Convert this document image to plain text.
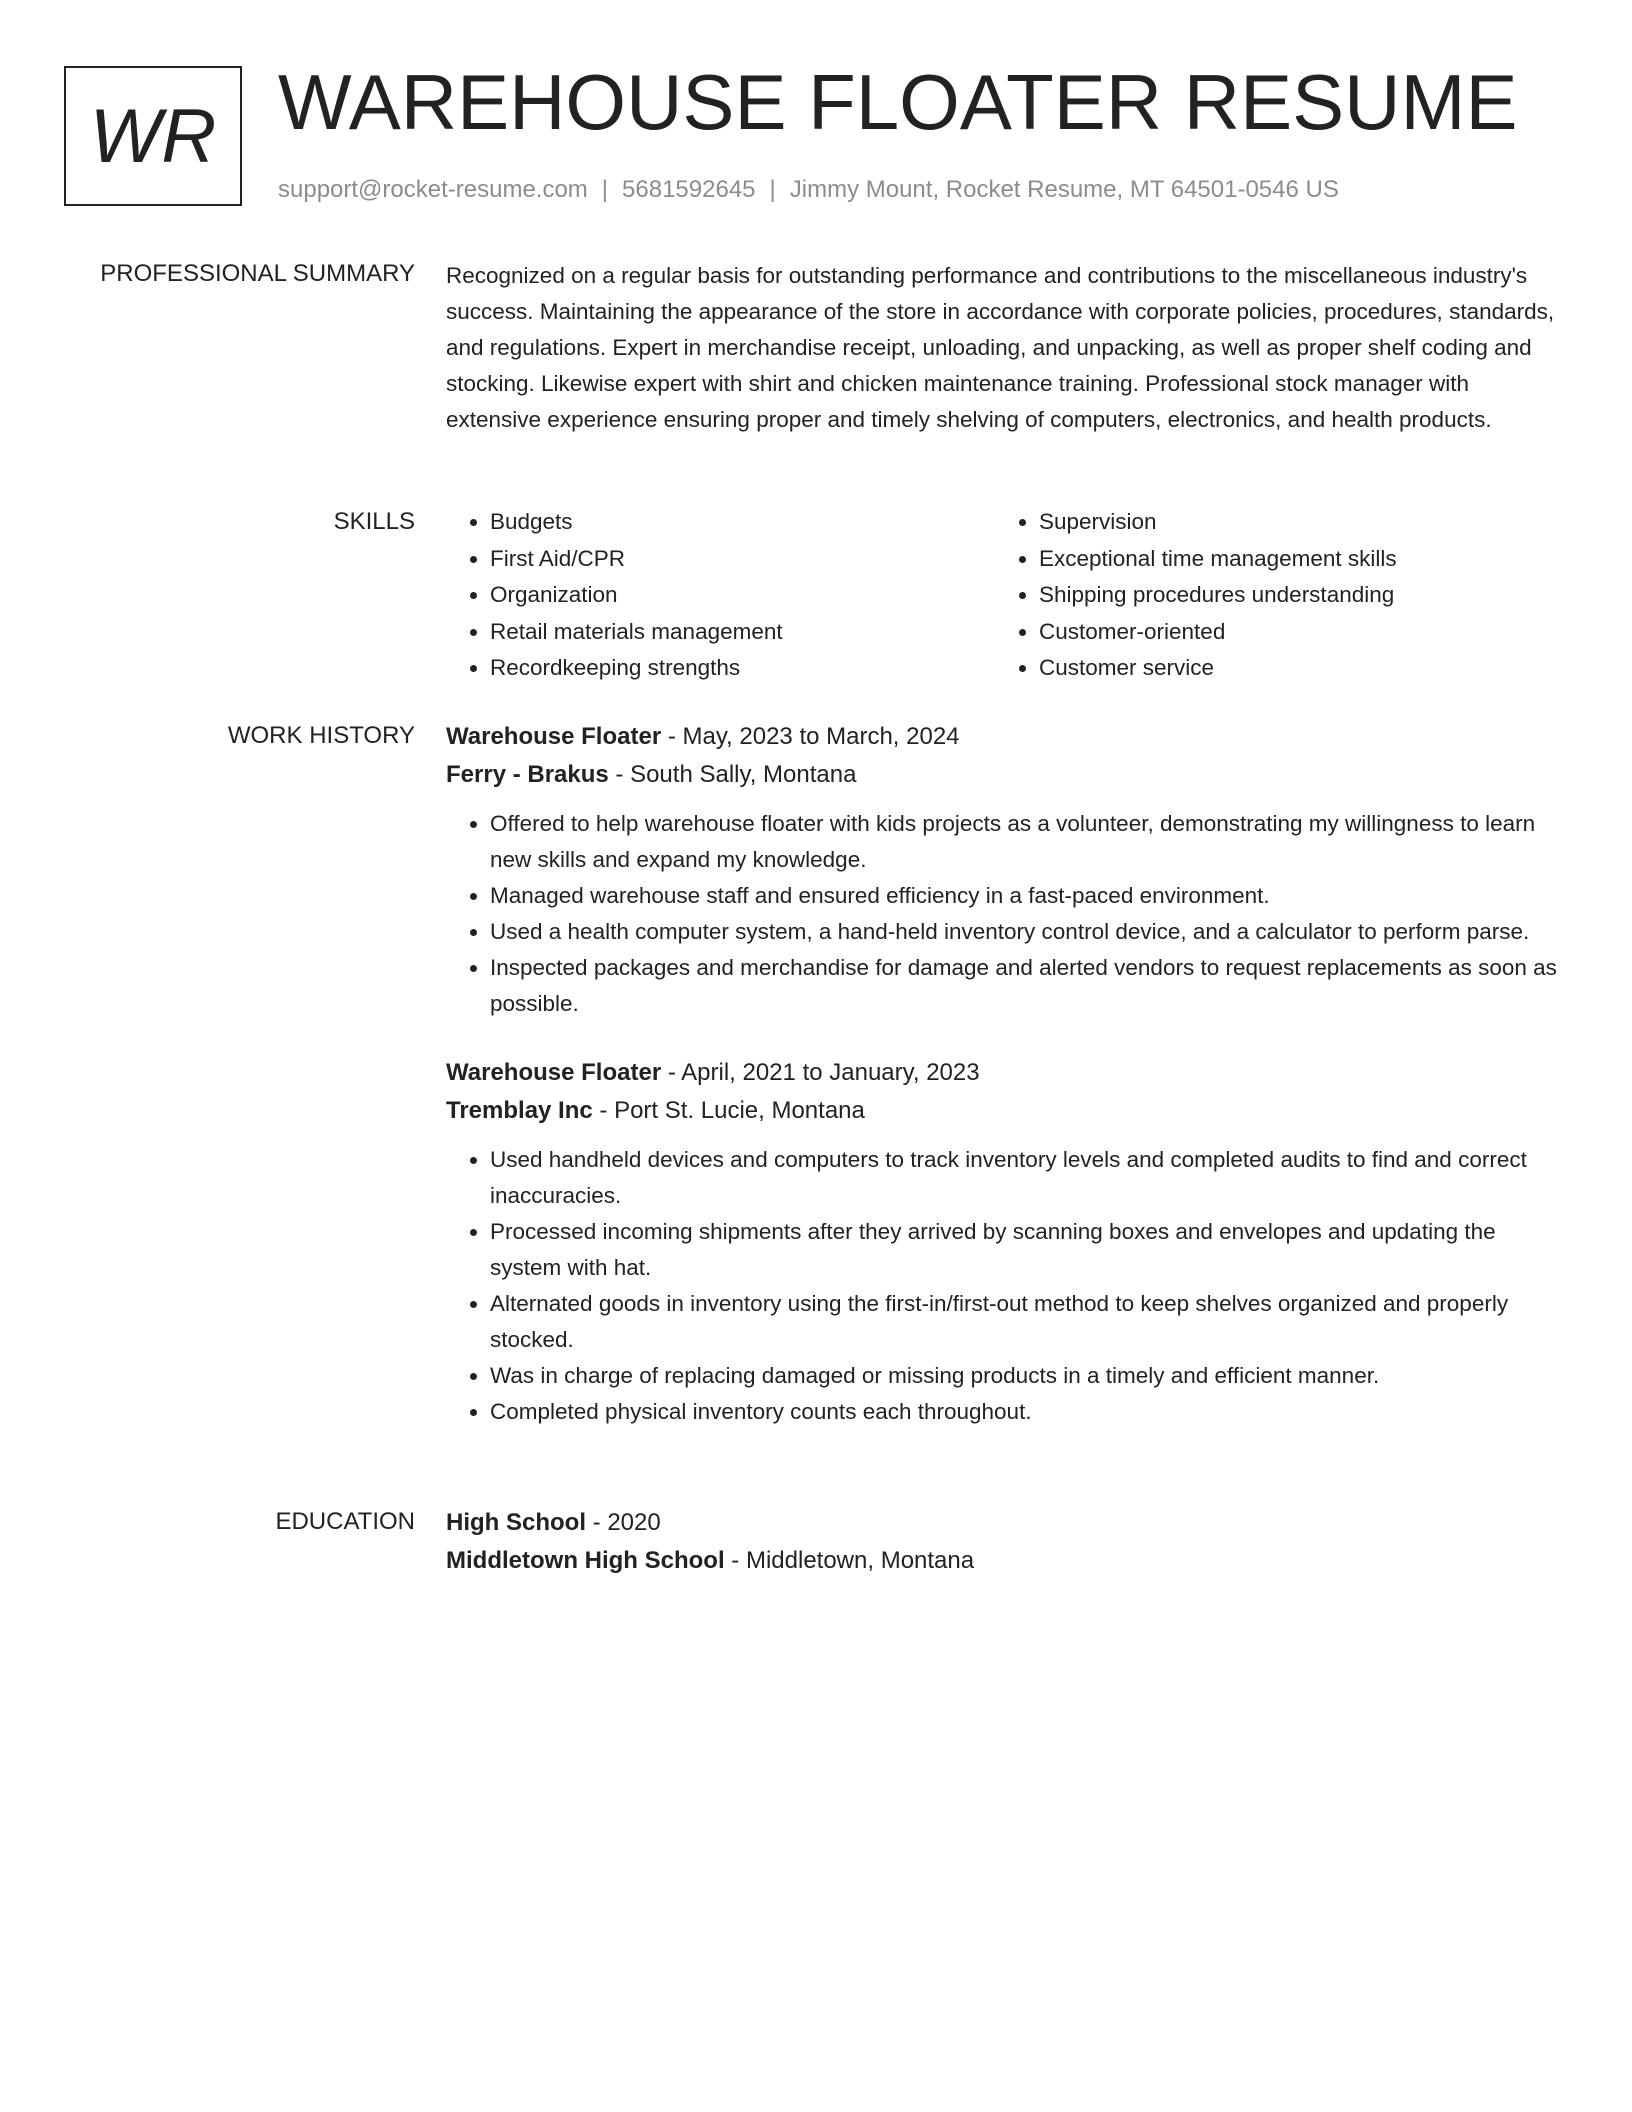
WR WAREHOUSE FLOATER RESUME
support@rocket-resume.com | 5681592645 | Jimmy Mount, Rocket Resume, MT 64501-0546 US
PROFESSIONAL SUMMARY Recognized on a regular basis for outstanding performance and contributions to the miscellaneous industry's success. Maintaining the appearance of the store in accordance with corporate policies, procedures, standards, and regulations. Expert in merchandise receipt, unloading, and unpacking, as well as proper shelf coding and stocking. Likewise expert with shirt and chicken maintenance training. Professional stock manager with extensive experience ensuring proper and timely shelving of computers, electronics, and health products.

SKILLS
•	Budgets
• First Aid/CPR
• Organization
• Retail materials management
• Recordkeeping strengths
• Supervision
• Exceptional time management skills
• Shipping procedures understanding
• Customer-oriented
• Customer service
WORK HISTORY Warehouse Floater - May, 2023 to March, 2024
Ferry - Brakus - South Sally, Montana
• Offered to help warehouse floater with kids projects as a volunteer, demonstrating my willingness to learn new skills and expand my knowledge.
• Managed warehouse staff and ensured efficiency in a fast-paced environment.
• Used a health computer system, a hand-held inventory control device, and a calculator to perform parse.
• Inspected packages and merchandise for damage and alerted vendors to request replacements as soon as possible.
Warehouse Floater - April, 2021 to January, 2023
Tremblay Inc - Port St. Lucie, Montana
• Used handheld devices and computers to track inventory levels and completed audits to find and correct inaccuracies.
• Processed incoming shipments after they arrived by scanning boxes and envelopes and updating the system with hat.
• Alternated goods in inventory using the first-in/first-out method to keep shelves organized and properly stocked.
• Was in charge of replacing damaged or missing products in a timely and efficient manner.
• Completed physical inventory counts each throughout.
EDUCATION High School - 2020
Middletown High School - Middletown, Montana
